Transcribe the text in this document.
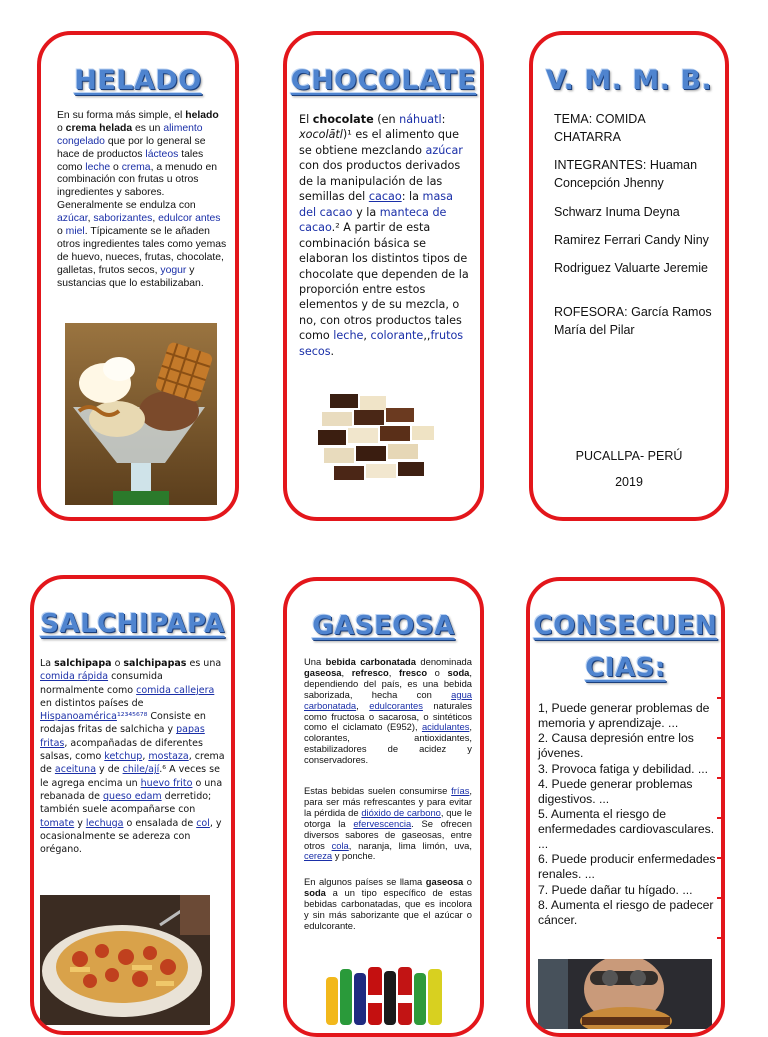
HELADO
En su forma más simple, el helado o crema helada es un alimento congelado que por lo general se hace de productos lácteos tales como leche o crema, a menudo en combinación con frutas u otros ingredientes y sabores. Generalmente se endulza con azúcar, saborizantes, edulcor antes o miel. Típicamente se le añaden otros ingredientes tales como yemas de huevo, nueces, frutas, chocolate, galletas, frutos secos, yogur y sustancias que lo estabilizaban.
CHOCOLATE
El chocolate (en náhuatl: xocolātl)¹ es el alimento que se obtiene mezclando azúcar con dos productos derivados de la manipulación de las semillas del cacao: la masa del cacao y la manteca de cacao.² A partir de esta combinación básica se elaboran los distintos tipos de chocolate que dependen de la proporción entre estos elementos y de su mezcla, o no, con otros productos tales como leche, colorante,,frutos secos.
V. M. M. B.

TEMA: COMIDA CHATARRA

INTEGRANTES: Huaman Concepción Jhenny

Schwarz Inuma Deyna

Ramirez Ferrari Candy Niny

Rodriguez Valuarte Jeremie

ROFESORA: García Ramos María del Pilar

PUCALLPA- PERÚ
2019
SALCHIPAPA
La salchipapa o salchipapas es una comida rápida consumida normalmente como comida callejera en distintos países de Hispanoamérica¹²³⁴⁵⁶⁷⁸ Consiste en rodajas fritas de salchicha y papas fritas, acompañadas de diferentes salsas, como ketchup, mostaza, crema de aceituna y de chile/ají.⁶ A veces se le agrega encima un huevo frito o una rebanada de queso edam derretido; también suele acompañarse con tomate y lechuga o ensalada de col, y ocasionalmente se adereza con orégano.
GASEOSA
Una bebida carbonatada denominada gaseosa, refresco, fresco o soda, dependiendo del país, es una bebida saborizada, hecha con agua carbonatada, edulcorantes naturales como fructosa o sacarosa, o sintéticos como el ciclamato (E952), acidulantes, colorantes, antioxidantes, estabilizadores de acidez y conservadores.
Estas bebidas suelen consumirse frías, para ser más refrescantes y para evitar la pérdida de dióxido de carbono, que le otorga la efervescencia. Se ofrecen diversos sabores de gaseosas, entre otros cola, naranja, lima limón, uva, cereza y ponche.
En algunos países se llama gaseosa o soda a un tipo específico de estas bebidas carbonatadas, que es incolora y sin más saborizante que el azúcar o edulcorante.
CONSECUEN
CIAS:

1, Puede generar problemas de memoria y aprendizaje. ...

2. Causa depresión entre los jóvenes.

3. Provoca fatiga y debilidad. ...

4. Puede generar problemas digestivos. ...

5. Aumenta el riesgo de enfermedades cardiovasculares. ...

6. Puede producir enfermedades renales. ...

7. Puede dañar tu hígado. ...

8. Aumenta el riesgo de padecer cáncer.
